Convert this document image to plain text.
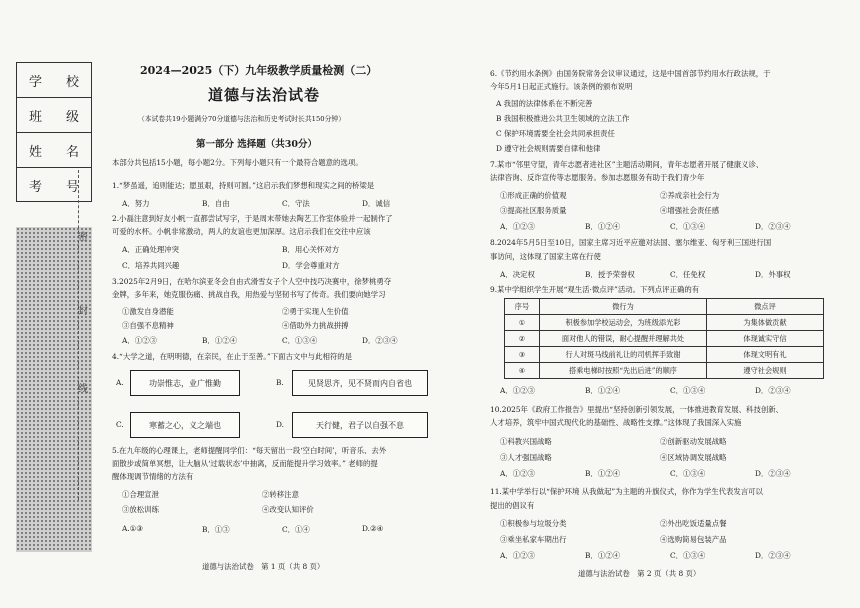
学 校
班 级
姓 名
考 号
密
封
线
2024—2025（下）九年级教学质量检测（二）
道德与法治试卷
（本试卷共19小题满分70分道德与法治和历史考试时长共150分钟）
第一部分 选择题（共30分）
本部分共包括15小题，每小题2分。下列每小题只有一个最符合题意的选项。
1.“梦虽遥，追则能达；愿虽艰，持则可圆。”这启示我们梦想和现实之间的桥梁是
A．努力	B．自由	C．守法	D．诚信
2.小磊注意到好友小帆一直都尝试写字，于是周末带她去陶艺工作室体验并一起制作了
可爱的水杯。小帆非常激动，两人的友谊也更加深厚。这启示我们在交往中应该
A．正确处理冲突	B．用心关怀对方
C．培养共同兴趣	D．学会尊重对方
3.2025年2月9日，在哈尔滨亚冬会自由式滑雪女子个人空中技巧决赛中，徐梦桃勇夺
金牌，多年来，她克服伤痛、挑战自我，用热爱与坚韧书写了传奇。我们要向她学习
①激发自身潜能	②勇于实现人生价值
③自强不息精神	④借助外力挑战拼搏
A．①②③	B．①②④	C．①③④	D．②③④
4.“大学之道，在明明德，在亲民，在止于至善。”下面古文中与此相符的是
A.	功崇惟志，业广惟勤	B.	见贤思齐，见不贤而内自省也
C.	寒蓄之心，义之端也	D.	天行健，君子以自强不息
5.在九年级的心理课上，老师提醒同学们：“每天留出一段‘空白时间’，听音乐、去外
面散步或简单冥想，让大脑从‘过载状态’中抽离，反而能提升学习效率。” 老师的提
醒体现调节情绪的方法有
①合理宣泄	②转移注意
③放松训练	④改变认知评价
A.①③	B．①③	C．①④	D.②④
道德与法治试卷　第 1 页（共 8 页）
6.《节约用水条例》由国务院常务会议审议通过，这是中国首部节约用水行政法规，于
今年5月1日起正式施行。该条例的颁布说明
A 我国的法律体系在不断完善
B 我国积极推进公共卫生领域的立法工作
C 保护环境需要全社会共同承担责任
D 遵守社会规则需要自律和他律
7.某市“邻里守望，青年志愿者进社区”主题活动期间，青年志愿者开展了健康义诊、
法律咨询、反诈宣传等志愿服务。参加志愿服务有助于我们青少年
①形成正确的价值观	②养成亲社会行为
③提高社区服务质量	④增强社会责任感
A．①②③	B．①②④	C．①③④	D．②③④
8.2024年5月5日至10日，国家主席习近平应邀对法国、塞尔维亚、匈牙利三国进行国
事访问，这体现了国家主席在行使
A．决定权	B．授予荣誉权	C．任免权	D．外事权
9.某中学组织学生开展“观生活·微点评”活动。下列点评正确的有
序号	微行为	微点评
①	积极参加学校运动会，为班级添光彩	为集体做贡献
②	面对他人的错误，耐心提醒并理解共处	体现诚实守信
③	行人对斑马线前礼让的司机挥手致谢	体现文明有礼
④	搭乘电梯时按照“先出后进”的顺序	遵守社会规则
A．①②③	B．①②④	C．①③④	D．②③④
10.2025年《政府工作报告》里提出“坚持创新引领发展，一体推进教育发展、科技创新、
人才培养，筑牢中国式现代化的基础性、战略性支撑。”这体现了我国深入实施
①科教兴国战略	②创新驱动发展战略
③人才强国战略	④区域协调发展战略
A．①②③	B．①②④	C．①③④	D．②③④
11.某中学举行以“保护环境 从我做起”为主题的升旗仪式，你作为学生代表发言可以
提出的倡议有
①积极参与垃圾分类	②外出吃饭适量点餐
③乘坐私家车期出行	④选购简易包装产品
A．①②③	B．①②④	C．①③④	D．②③④
道德与法治试卷　第 2 页（共 8 页）
